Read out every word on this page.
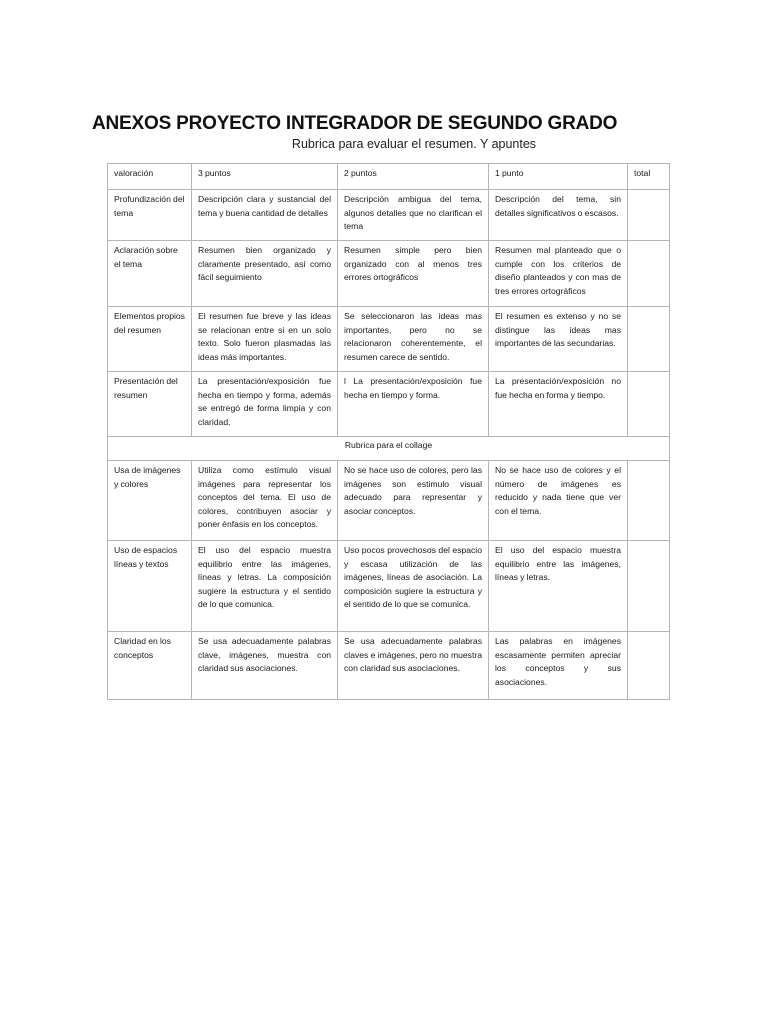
ANEXOS PROYECTO INTEGRADOR DE SEGUNDO GRADO
Rubrica para evaluar el resumen. Y apuntes
valoración	3 puntos	2 puntos	1 punto	total
Profundización del tema	Descripción clara y sustancial del tema y buena cantidad de detalles	Descripción ambigua del tema, algunos detalles que no clarifican el tema	Descripción del tema, sin detalles significativos o escasos.	
Aclaración sobre el tema	Resumen bien organizado y claramente presentado, así como fácil seguimiento	Resumen simple pero bien organizado con al menos tres errores ortográficos	Resumen mal planteado que o cumple con los criterios de diseño planteados y con mas de tres errores ortográficos	
Elementos propios del resumen	El resumen fue breve y las ideas se relacionan entre si en un solo texto. Solo fueron plasmadas las ideas más importantes.	Se seleccionaron las ideas mas importantes, pero no se relacionaron coherentemente, el resumen carece de sentido.	El resumen es extenso y no se distingue las ideas mas importantes de las secundarias.	
Presentación del resumen	La presentación/exposición fue hecha en tiempo y forma, además se entregó de forma limpia y con claridad.	l La presentación/exposición fue hecha en tiempo y forma.	La presentación/exposición no fue hecha en forma y tiempo.	
Rubrica para el collage				
Usa de imágenes y colores	Utiliza como estímulo visual imágenes para representar los conceptos del tema. El uso de colores, contribuyen asociar y poner énfasis en los conceptos.	No se hace uso de colores, pero las imágenes son estimulo visual adecuado para representar y asociar conceptos.	No se hace uso de colores y el número de imágenes es reducido y nada tiene que ver con el tema.	
Uso de espacios líneas y textos	El uso del espacio muestra equilibrio entre las imágenes, líneas y letras. La composición sugiere la estructura y el sentido de lo que comunica.	Uso pocos provechosos del espacio y escasa utilización de las imágenes, líneas de asociación. La composición sugiere la estructura y el sentido de lo que se comunica.	El uso del espacio muestra equilibrio entre las imágenes, líneas y letras.	
Claridad en los conceptos	Se usa adecuadamente palabras clave, imágenes, muestra con claridad sus asociaciones.	Se usa adecuadamente palabras claves e imágenes, pero no muestra con claridad sus asociaciones.	Las palabras en imágenes escasamente permiten apreciar los conceptos y sus asociaciones.	
